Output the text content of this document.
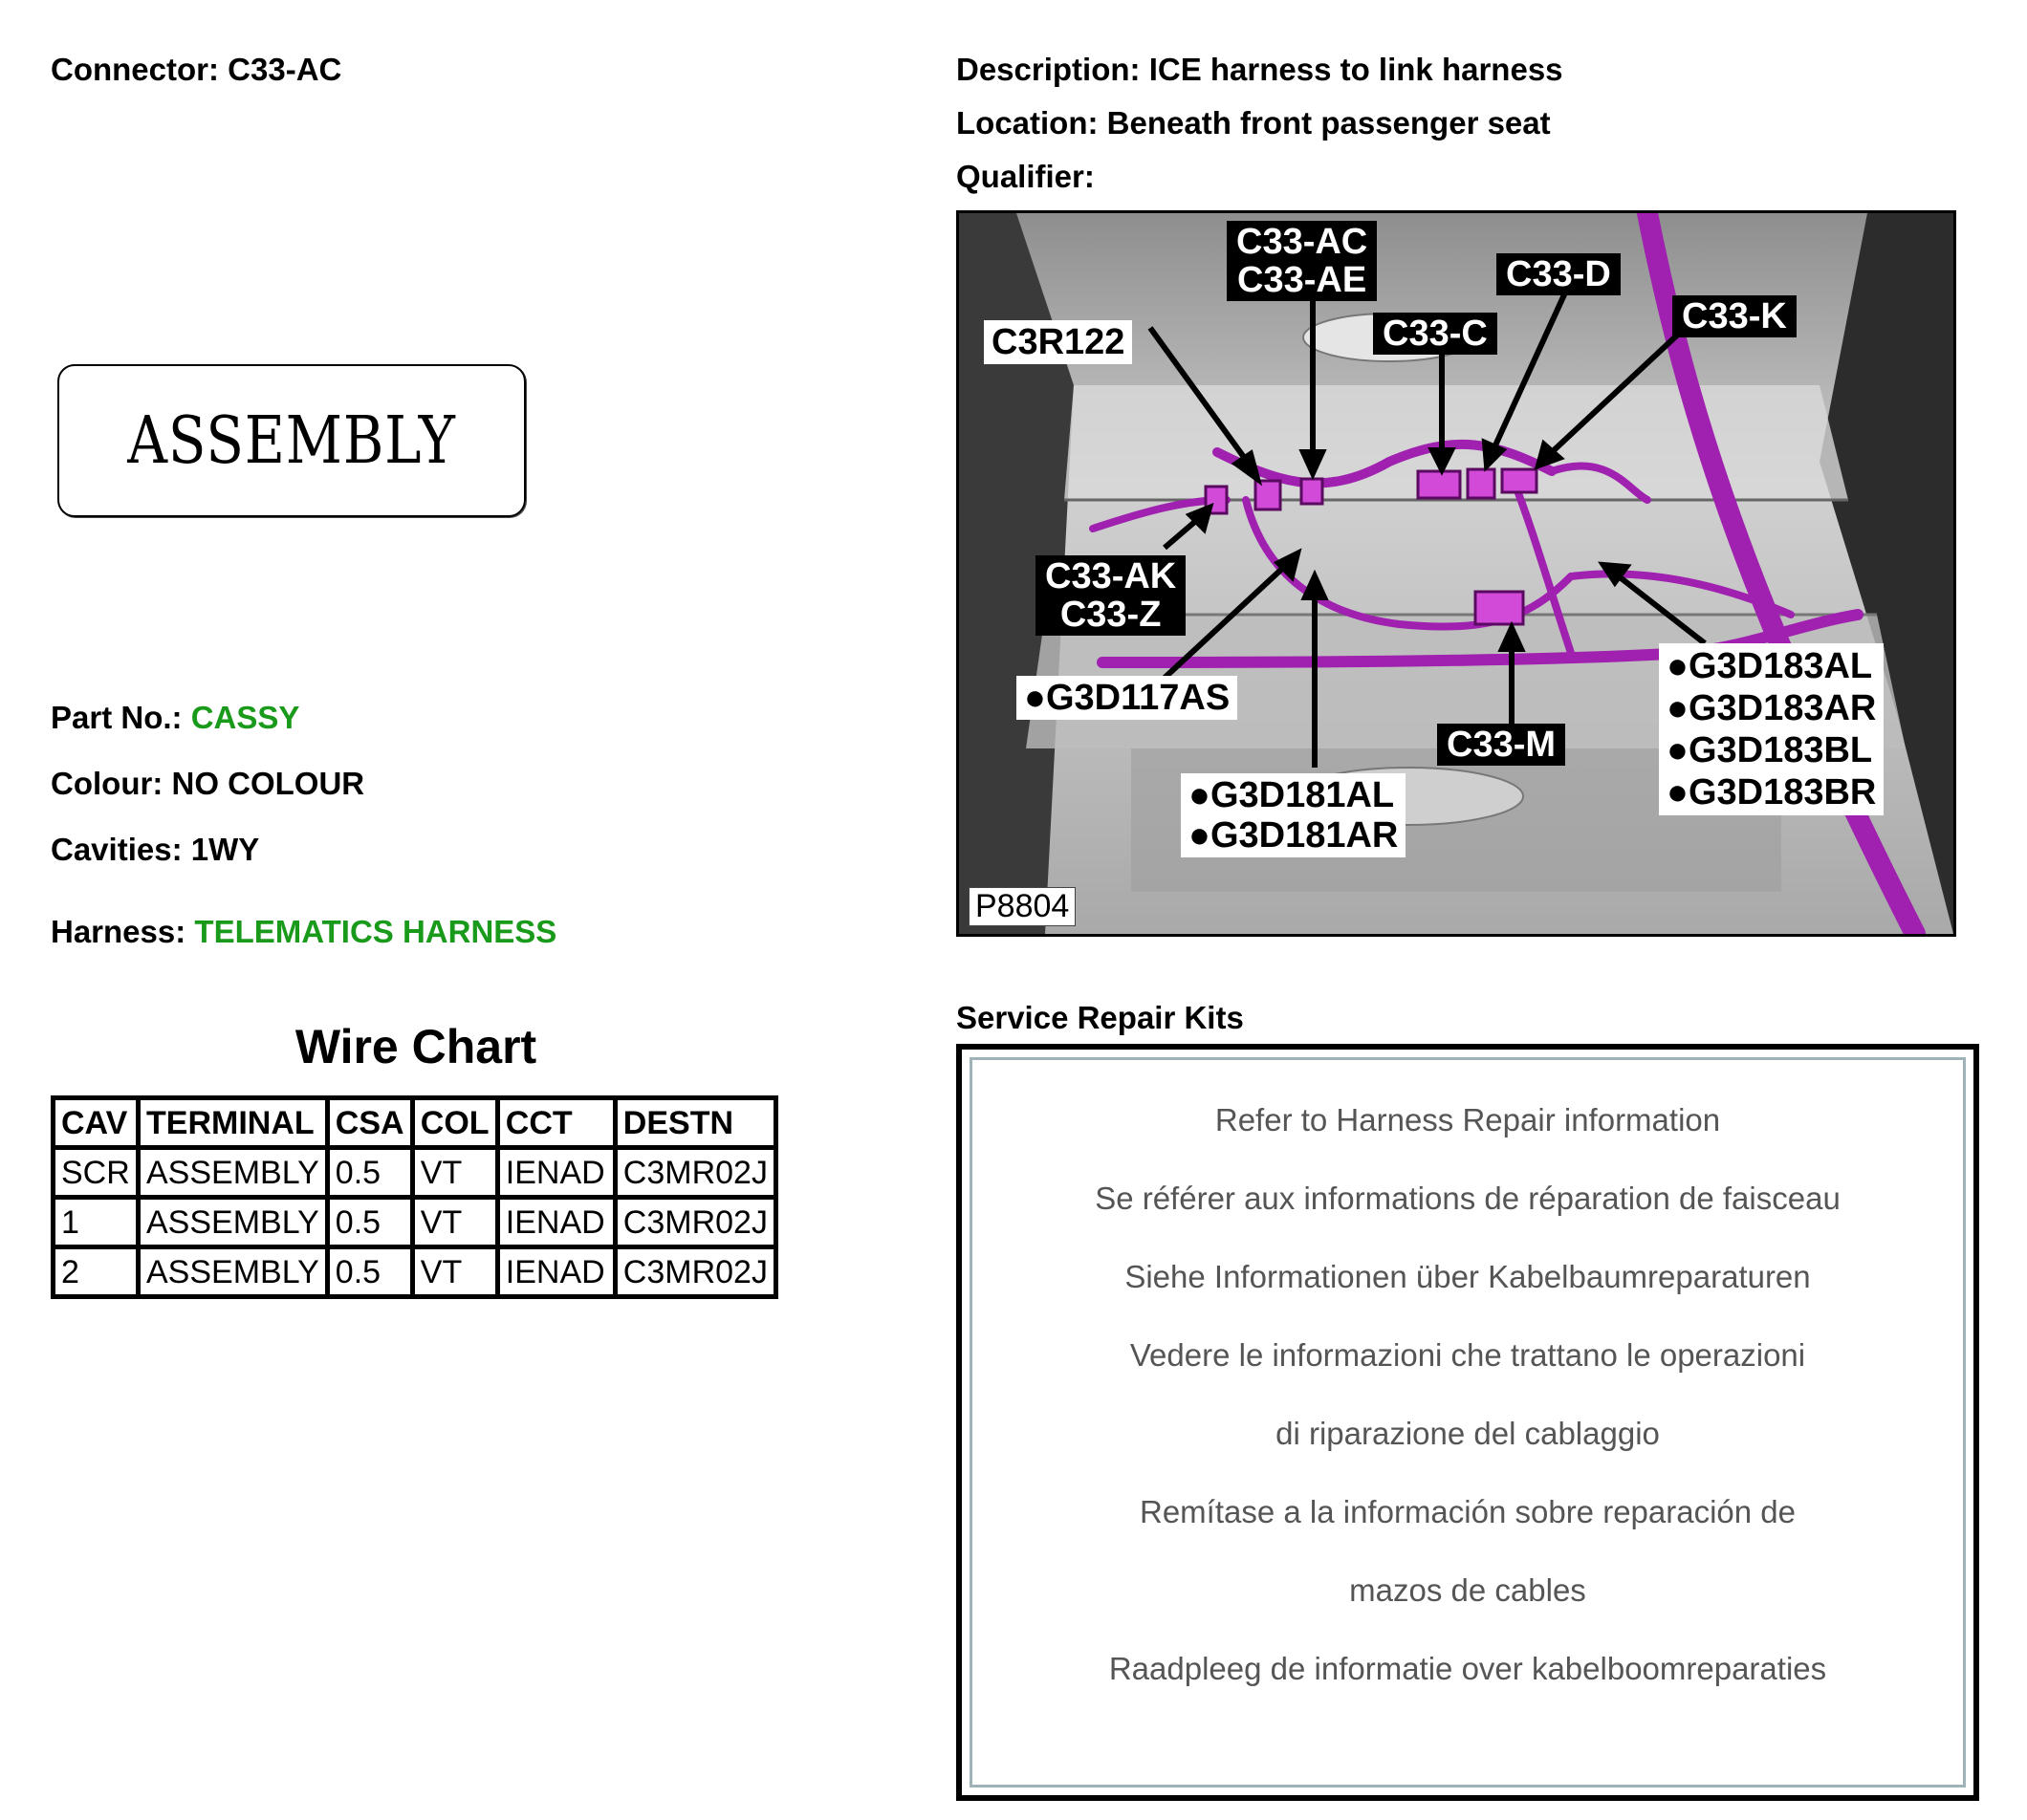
Connector: C33-AC
ASSEMBLY
Part No.: CASSY
Colour: NO COLOUR
Cavities: 1WY
Harness: TELEMATICS HARNESS
Wire Chart
CAV	TERMINAL	CSA	COL	CCT	DESTN
SCR	ASSEMBLY	0.5	VT	IENAD	C3MR02J
1	ASSEMBLY	0.5	VT	IENAD	C3MR02J
2	ASSEMBLY	0.5	VT	IENAD	C3MR02J
Description: ICE harness to link harness
Location: Beneath front passenger seat
Qualifier:
C33-AC
C33-AE	C33-D
C33-C	C33-K
C3R122
C33-AK
C33-Z
●G3D117AS
●G3D183AL
●G3D183AR
●G3D183BL
●G3D183BR
C33-M
●G3D181AL
●G3D181AR
P8804
Service Repair Kits
Refer to Harness Repair information
Se référer aux informations de réparation de faisceau
Siehe Informationen über Kabelbaumreparaturen
Vedere le informazioni che trattano le operazioni
di riparazione del cablaggio
Remítase a la información sobre reparación de
mazos de cables
Raadpleeg de informatie over kabelboomreparaties
